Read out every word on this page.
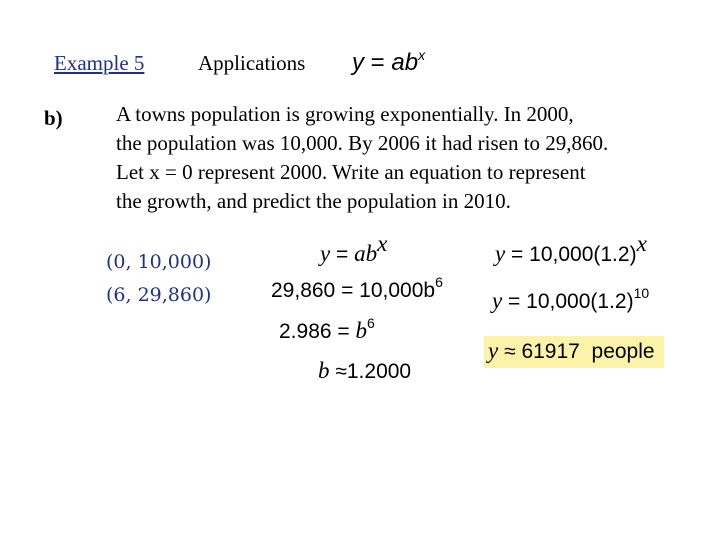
Example 5	Applications $y = ab^x$
b)	A towns population is growing exponentially. In 2000,
the population was 10,000. By 2006 it had risen to 29,860.
Let x = 0 represent 2000. Write an equation to represent
the growth, and predict the population in 2010.
(0, 10,000)
(6, 29,860)
$y = ab^x$
$29,860 = 10,000b^6$
$2.986 = b^6$
b ≈1.2000
$y = 10,000(1.2)^x$
$y = 10,000(1.2)^{10}$
y ≈ 61917 people
